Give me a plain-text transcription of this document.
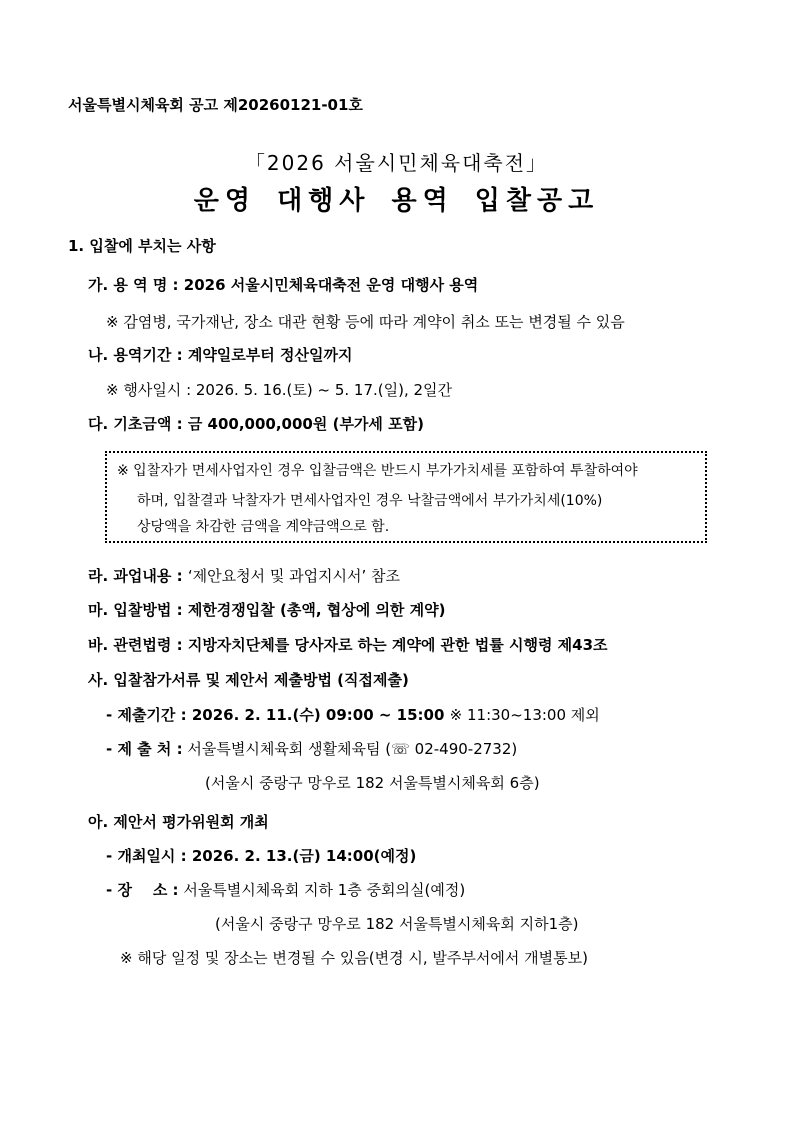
서울특별시체육회 공고 제20260121-01호
「2026 서울시민체육대축전」
운영 대행사 용역 입찰공고
1. 입찰에 부치는 사항
가. 용 역 명 : 2026 서울시민체육대축전 운영 대행사 용역
※ 감염병, 국가재난, 장소 대관 현황 등에 따라 계약이 취소 또는 변경될 수 있음
나. 용역기간 : 계약일로부터 정산일까지
※ 행사일시 : 2026. 5. 16.(토) ~ 5. 17.(일), 2일간
다. 기초금액 : 금 400,000,000원 (부가세 포함)
※ 입찰자가 면세사업자인 경우 입찰금액은 반드시 부가가치세를 포함하여 투찰하여야
하며, 입찰결과 낙찰자가 면세사업자인 경우 낙찰금액에서 부가가치세(10%)
상당액을 차감한 금액을 계약금액으로 함.
라. 과업내용 : ‘제안요청서 및 과업지시서’ 참조
마. 입찰방법 : 제한경쟁입찰 (총액, 협상에 의한 계약)
바. 관련법령 : 지방자치단체를 당사자로 하는 계약에 관한 법률 시행령 제43조
사. 입찰참가서류 및 제안서 제출방법 (직접제출)
- 제출기간 : 2026. 2. 11.(수) 09:00 ~ 15:00 ※ 11:30~13:00 제외
- 제 출 처 : 서울특별시체육회 생활체육팀 (☏ 02-490-2732)
(서울시 중랑구 망우로 182 서울특별시체육회 6층)
아. 제안서 평가위원회 개최
- 개최일시 : 2026. 2. 13.(금) 14:00(예정)
- 장    소 : 서울특별시체육회 지하 1층 중회의실(예정)
(서울시 중랑구 망우로 182 서울특별시체육회 지하1층)
※ 해당 일정 및 장소는 변경될 수 있음(변경 시, 발주부서에서 개별통보)
